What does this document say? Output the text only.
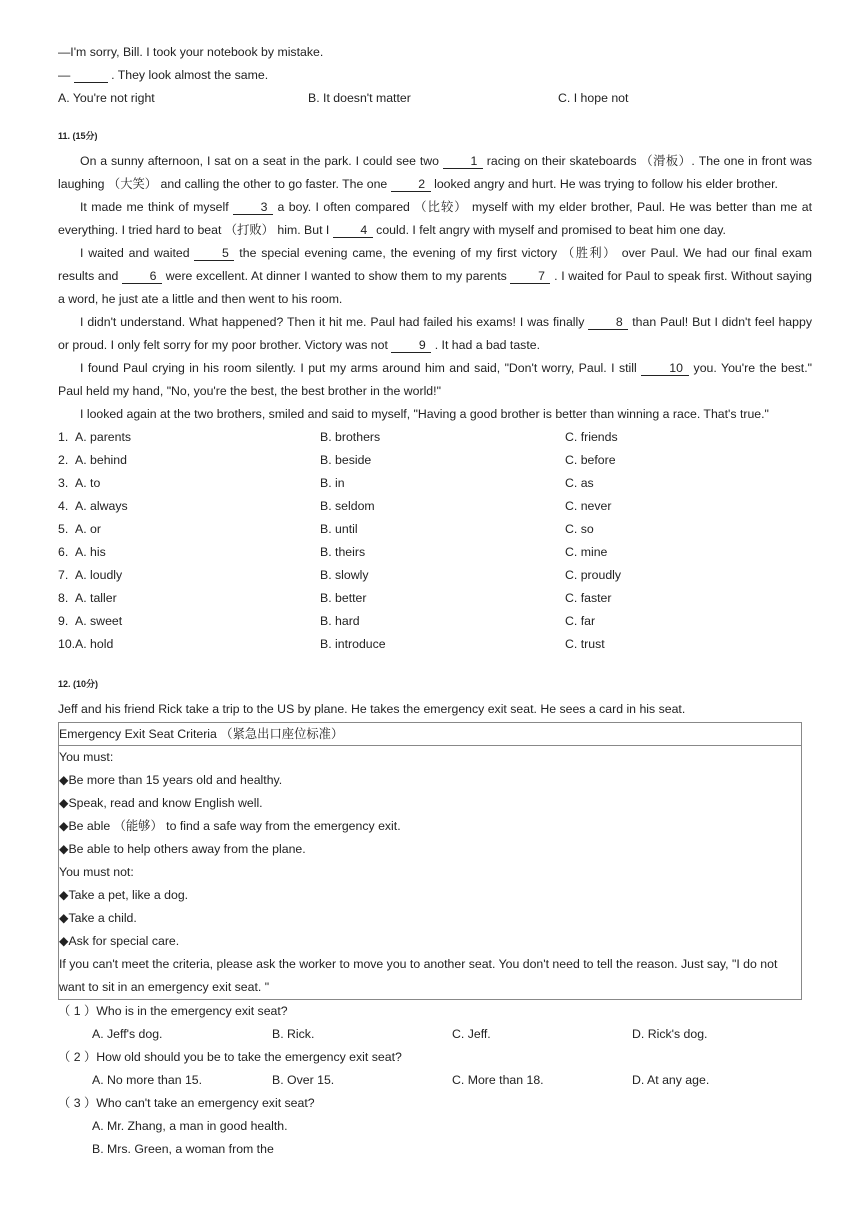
—I'm sorry, Bill. I took your notebook by mistake.
—	. They look almost the same.
A. You're not right	B. It doesn't matter	C. I hope not
11. (15分)
On a sunny afternoon, I sat on a seat in the park. I could see two 1 racing on their skateboards （滑板）. The one in front was laughing （大笑） and calling the other to go faster. The one 2 looked angry and hurt. He was trying to follow his elder brother.
It made me think of myself 3 a boy. I often compared （比较） myself with my elder brother, Paul. He was better than me at everything. I tried hard to beat （打败） him. But I 4 could. I felt angry with myself and promised to beat him one day.
I waited and waited 5 the special evening came, the evening of my first victory （胜利） over Paul. We had our final exam results and 6 were excellent. At dinner I wanted to show them to my parents 7 . I waited for Paul to speak first. Without saying a word, he just ate a little and then went to his room.
I didn't understand. What happened? Then it hit me. Paul had failed his exams! I was finally 8 than Paul! But I didn't feel happy or proud. I only felt sorry for my poor brother. Victory was not 9 . It had a bad taste.
I found Paul crying in his room silently. I put my arms around him and said, "Don't worry, Paul. I still 10 you. You're the best." Paul held my hand, "No, you're the best, the best brother in the world!"
I looked again at the two brothers, smiled and said to myself, "Having a good brother is better than winning a race. That's true."
1. A. parents	B. brothers	C. friends
2. A. behind	B. beside	C. before
3. A. to	B. in	C. as
4. A. always	B. seldom	C. never
5. A. or	B. until	C. so
6. A. his	B. theirs	C. mine
7. A. loudly	B. slowly	C. proudly
8. A. taller	B. better	C. faster
9. A. sweet	B. hard	C. far
10. A. hold	B. introduce	C. trust
12. (10分)
Jeff and his friend Rick take a trip to the US by plane. He takes the emergency exit seat. He sees a card in his seat.
Emergency Exit Seat Criteria （紧急出口座位标准）

You must:
◆Be more than 15 years old and healthy.
◆Speak, read and know English well.
◆Be able （能够） to find a safe way from the emergency exit.
◆Be able to help others away from the plane.
You must not:
◆Take a pet, like a dog.
◆Take a child.
◆Ask for special care.
If you can't meet the criteria, please ask the worker to move you to another seat. You don't need to tell the reason. Just say, "I do not
want to sit in an emergency exit seat. "
（ 1 ）Who is in the emergency exit seat?
A. Jeff's dog.	B. Rick.	C. Jeff.	D. Rick's dog.
（ 2 ）How old should you be to take the emergency exit seat?
A. No more than 15.	B. Over 15.	C. More than 18.	D. At any age.
（ 3 ）Who can't take an emergency exit seat?
A. Mr. Zhang, a man in good health.
B. Mrs. Green, a woman from the
